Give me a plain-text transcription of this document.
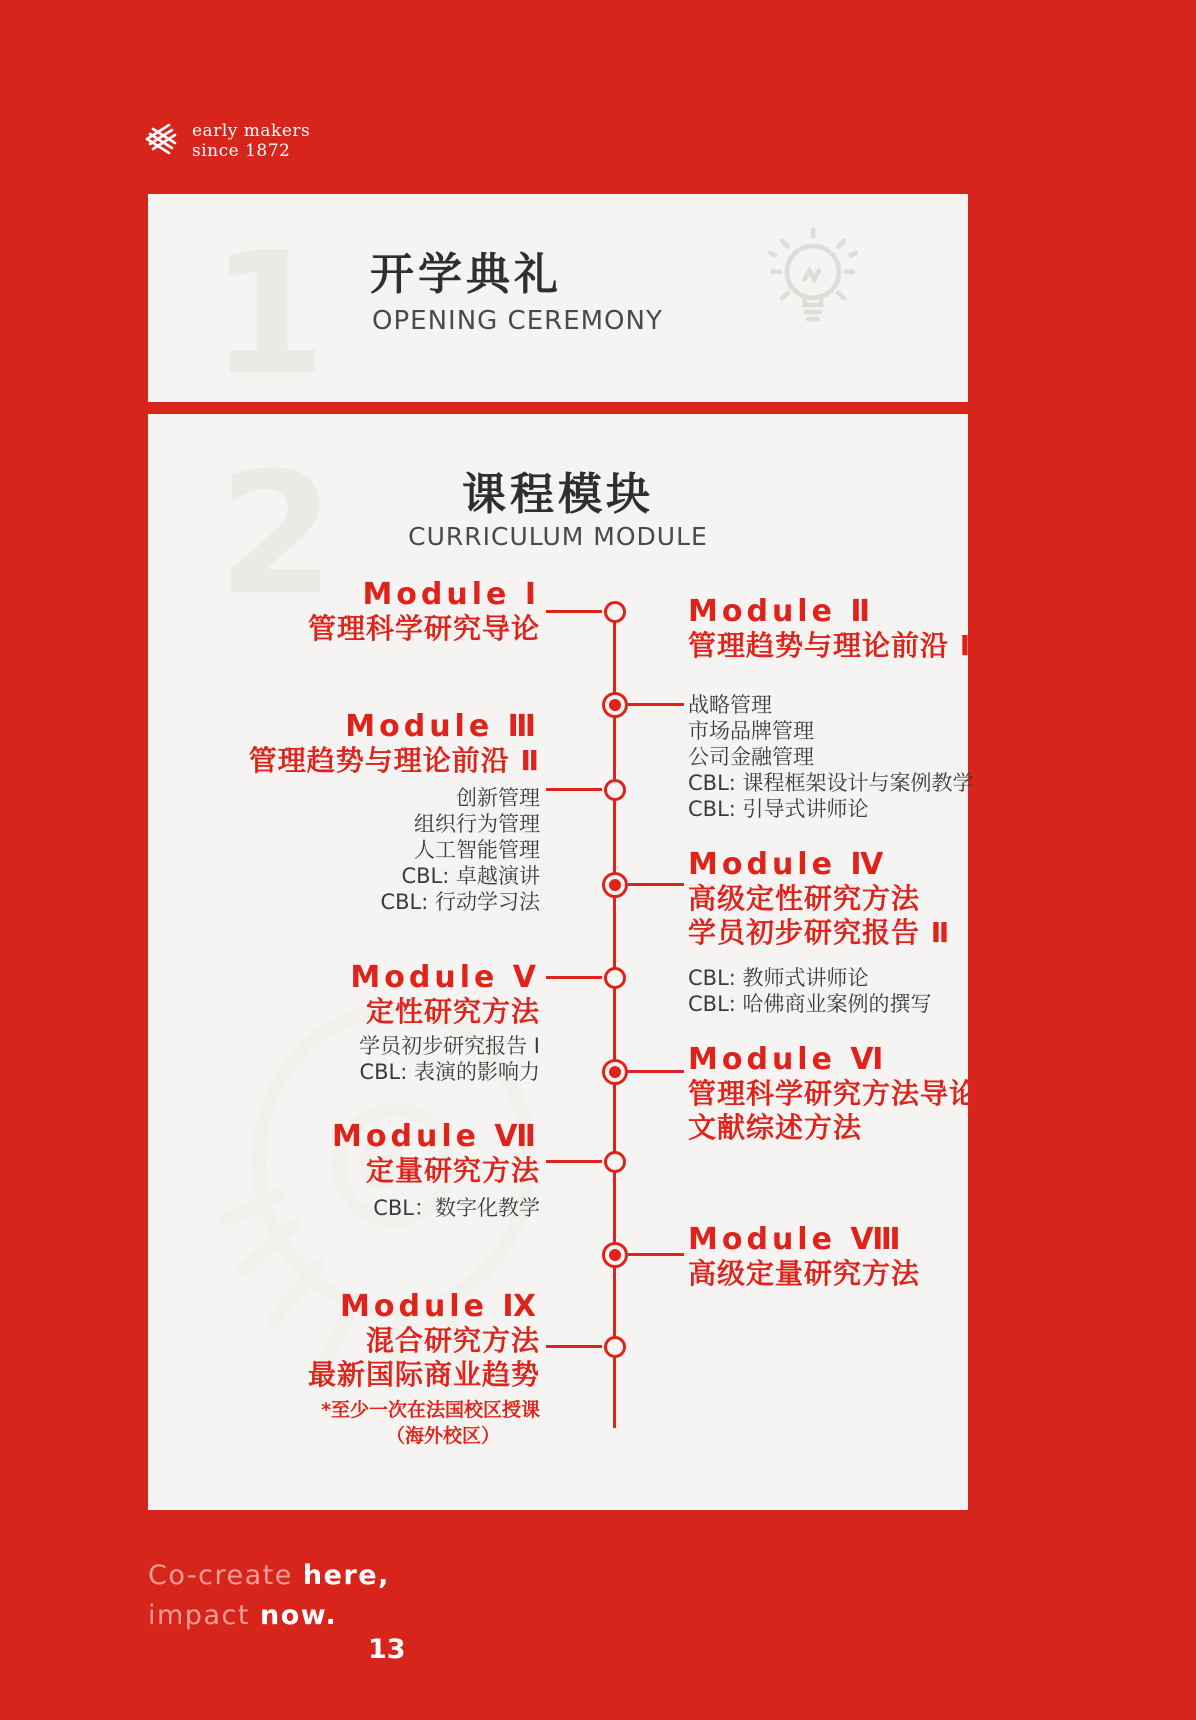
early makers
since 1872
1 开学典礼
OPENING CEREMONY
2	课程模块
CURRICULUM MODULE
Module Ⅰ
管理科学研究导论	Module Ⅱ
管理趋势与理论前沿 Ⅰ
战略管理
市场品牌管理
公司金融管理
CBL: 课程框架设计与案例教学
CBL: 引导式讲师论
Module Ⅲ
管理趋势与理论前沿 Ⅱ
创新管理
组织行为管理
人工智能管理
CBL: 卓越演讲
CBL: 行动学习法
Module Ⅳ
高级定性研究方法
学员初步研究报告 Ⅱ
CBL: 教师式讲师论
CBL: 哈佛商业案例的撰写
Module Ⅴ
定性研究方法
学员初步研究报告 Ⅰ
CBL: 表演的影响力	Module Ⅵ
管理科学研究方法导论
文献综述方法
Module Ⅶ
定量研究方法
CBL：数字化教学
Module Ⅷ
高级定量研究方法
Module Ⅸ
混合研究方法
最新国际商业趋势
*至少一次在法国校区授课
（海外校区）
Co-create here,
impact now.
13
